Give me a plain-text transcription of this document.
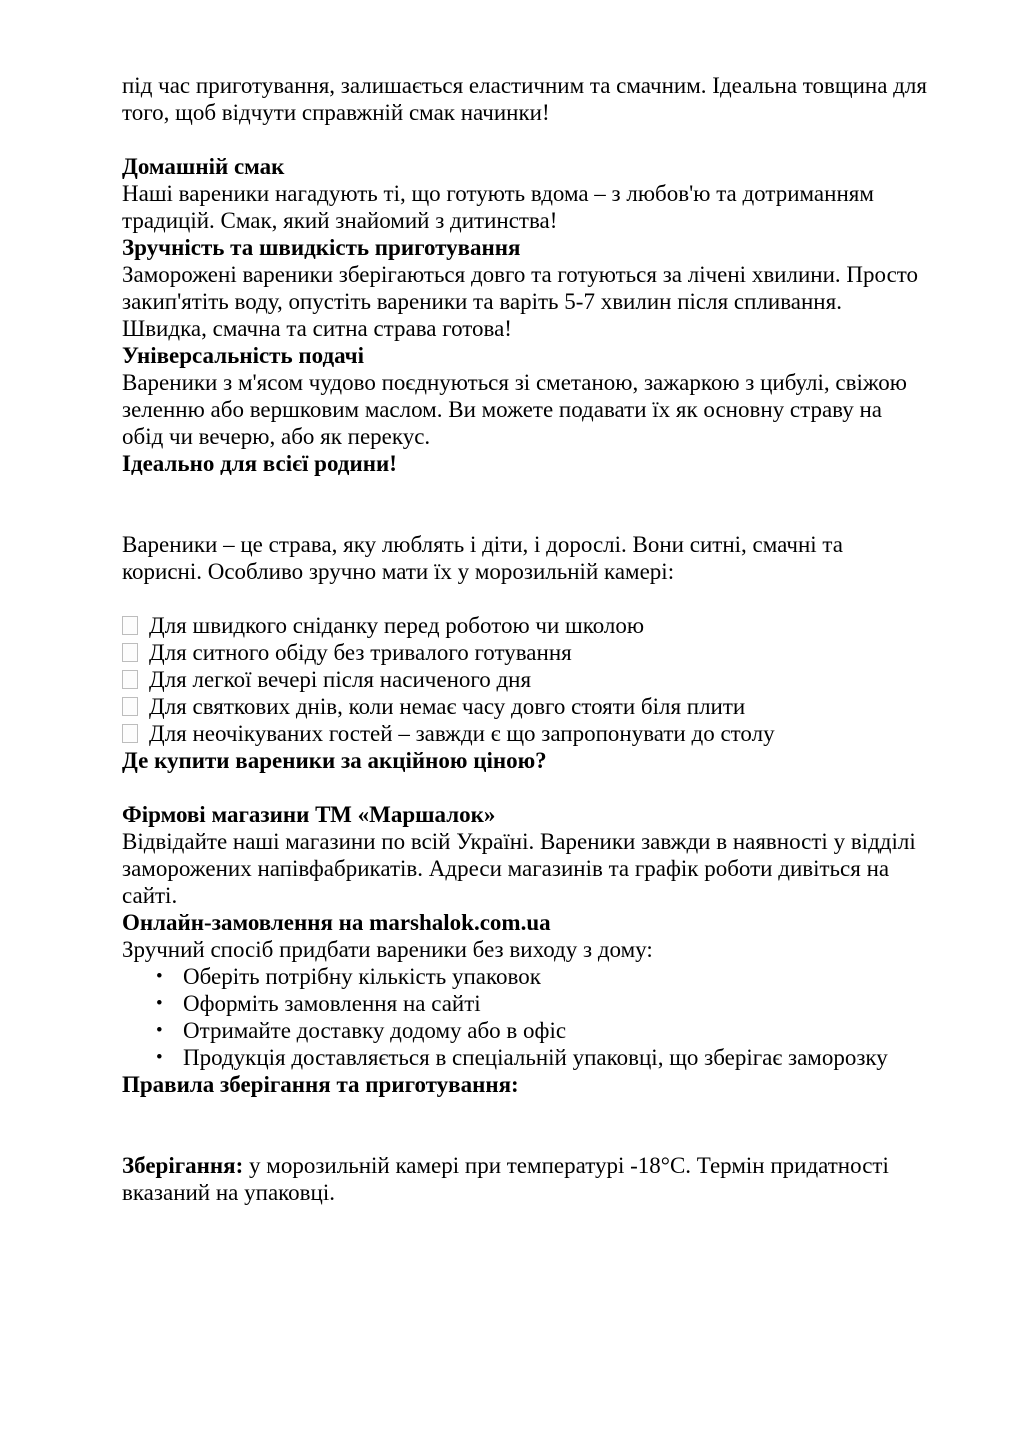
під час приготування, залишається еластичним та смачним. Ідеальна товщина для того, щоб відчути справжній смак начинки!

Домашній смак

Наші вареники нагадують ті, що готують вдома – з любов'ю та дотриманням традицій. Смак, який знайомий з дитинства!

Зручність та швидкість приготування

Заморожені вареники зберігаються довго та готуються за лічені хвилини. Просто закип'ятіть воду, опустіть вареники та варіть 5-7 хвилин після спливання. Швидка, смачна та ситна страва готова!

Універсальність подачі

Вареники з м'ясом чудово поєднуються зі сметаною, зажаркою з цибулі, свіжою зеленню або вершковим маслом. Ви можете подавати їх як основну страву на обід чи вечерю, або як перекус.

Ідеально для всієї родини!

Вареники – це страва, яку люблять і діти, і дорослі. Вони ситні, смачні та корисні. Особливо зручно мати їх у морозильній камері:

Для швидкого сніданку перед роботою чи школою
Для ситного обіду без тривалого готування
Для легкої вечері після насиченого дня
Для святкових днів, коли немає часу довго стояти біля плити
Для неочікуваних гостей – завжди є що запропонувати до столу
Де купити вареники за акційною ціною?
Фірмові магазини ТМ «Маршалок»

Відвідайте наші магазини по всій Україні. Вареники завжди в наявності у відділі заморожених напівфабрикатів. Адреси магазинів та графік роботи дивіться на сайті.

Онлайн-замовлення на marshalok.com.ua

Зручний спосіб придбати вареники без виходу з дому:

• Оберіть потрібну кількість упаковок
• Оформіть замовлення на сайті
• Отримайте доставку додому або в офіс
• Продукція доставляється в спеціальній упаковці, що зберігає заморозку
Правила зберігання та приготування:

Зберігання: у морозильній камері при температурі -18°C. Термін придатності вказаний на упаковці.
